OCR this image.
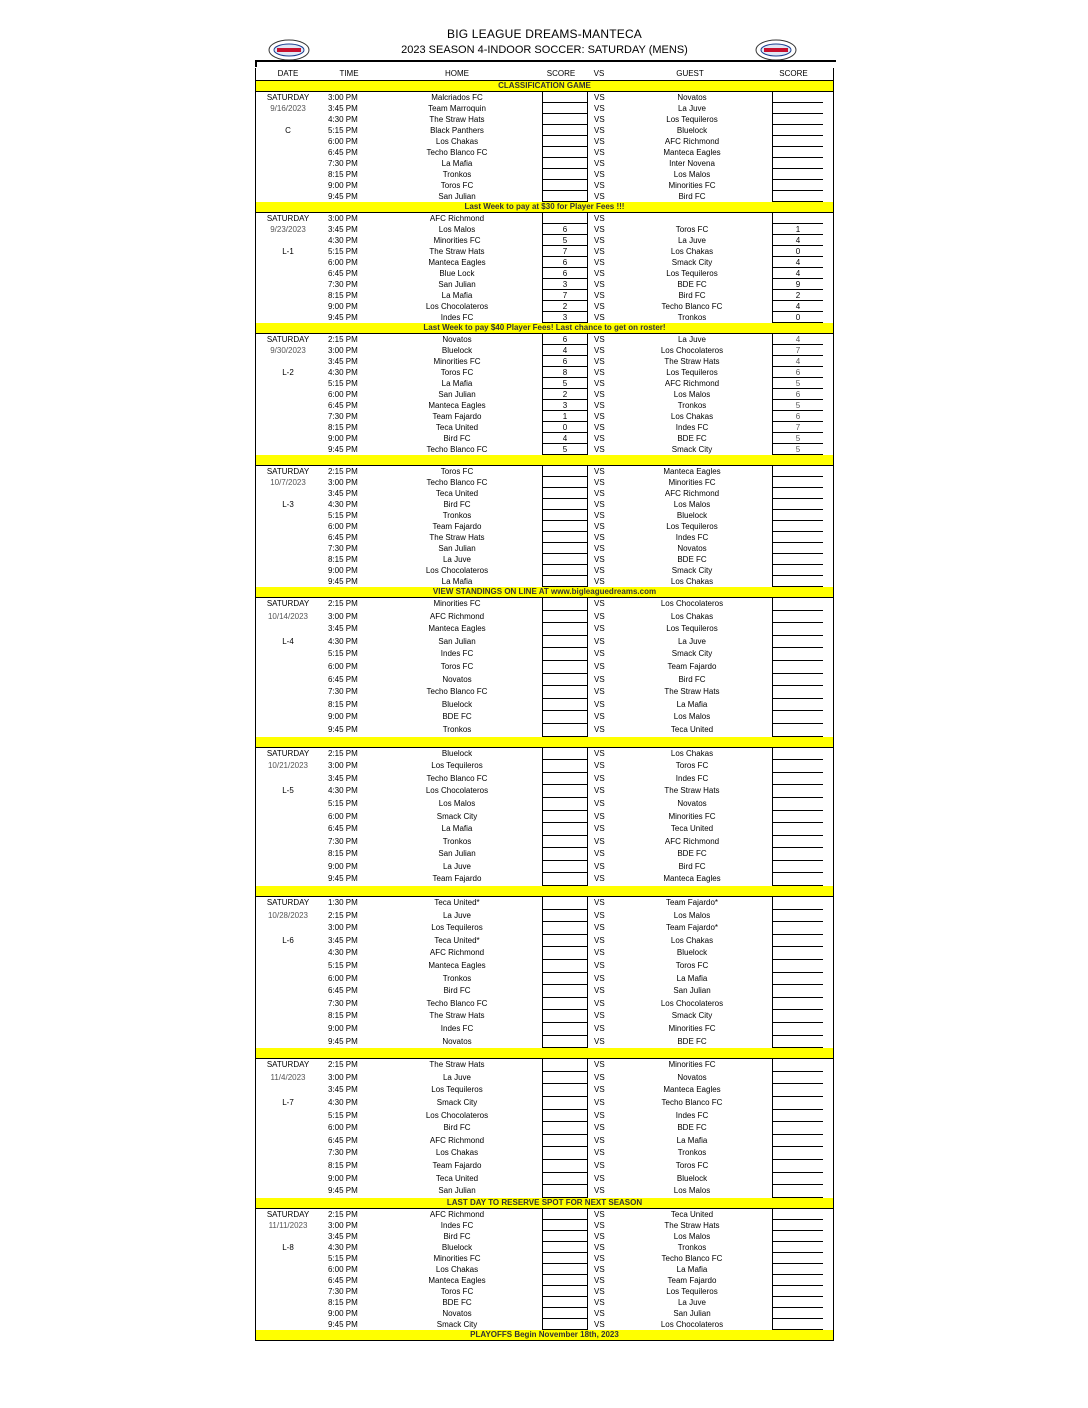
BIG LEAGUE DREAMS-MANTECA
2023 SEASON 4-INDOOR SOCCER: SATURDAY (MENS)
DATE	TIME	HOME	SCORE	VS	GUEST	SCORE
CLASSIFICATION GAME
SATURDAY	3:00 PM	Malcriados FC	VS	Novatos
9/16/2023	3:45 PM	Team Marroquin	VS	La Juve
4:30 PM	The Straw Hats	VS	Los Tequileros
C	5:15 PM	Black Panthers	VS	Bluelock
6:00 PM	Los Chakas	VS	AFC Richmond
6:45 PM	Techo Blanco FC	VS	Manteca Eagles
7:30 PM	La Mafia	VS	Inter Novena
8:15 PM	Tronkos	VS	Los Malos
9:00 PM	Toros FC	VS	Minorities FC
9:45 PM	San Julian	VS	Bird FC
Last Week to pay at $30 for Player Fees !!!
SATURDAY	3:00 PM	AFC Richmond	VS
9/23/2023	3:45 PM	Los Malos	6	VS	Toros FC	1
4:30 PM	Minorities FC	5	VS	La Juve	4
L-1	5:15 PM	The Straw Hats	7	VS	Los Chakas	0
6:00 PM	Manteca Eagles	6	VS	Smack City	4
6:45 PM	Blue Lock	6	VS	Los Tequileros	4
7:30 PM	San Julian	3	VS	BDE FC	9
8:15 PM	La Mafia	7	VS	Bird FC	2
9:00 PM	Los Chocolateros	2	VS	Techo Blanco FC	4
9:45 PM	Indes FC	3	VS	Tronkos	0
Last Week to pay $40 Player Fees! Last chance to get on roster!
SATURDAY	2:15 PM	Novatos	6	VS	La Juve	4
9/30/2023	3:00 PM	Bluelock	4	VS	Los Chocolateros	7
3:45 PM	Minorities FC	6	VS	The Straw Hats	4
L-2	4:30 PM	Toros FC	8	VS	Los Tequileros	6
5:15 PM	La Mafia	5	VS	AFC Richmond	5
6:00 PM	San Julian	2	VS	Los Malos	6
6:45 PM	Manteca Eagles	3	VS	Tronkos	5
7:30 PM	Team Fajardo	1	VS	Los Chakas	6
8:15 PM	Teca United	0	VS	Indes FC	7
9:00 PM	Bird FC	4	VS	BDE FC	5
9:45 PM	Techo Blanco FC	5	VS	Smack City	5
SATURDAY	2:15 PM	Toros FC	VS	Manteca Eagles
10/7/2023	3:00 PM	Techo Blanco FC	VS	Minorities FC
3:45 PM	Teca United	VS	AFC Richmond
L-3	4:30 PM	Bird FC	VS	Los Malos
5:15 PM	Tronkos	VS	Bluelock
6:00 PM	Team Fajardo	VS	Los Tequileros
6:45 PM	The Straw Hats	VS	Indes FC
7:30 PM	San Julian	VS	Novatos
8:15 PM	La Juve	VS	BDE FC
9:00 PM	Los Chocolateros	VS	Smack City
9:45 PM	La Mafia	VS	Los Chakas
VIEW STANDINGS ON LINE AT www.bigleaguedreams.com
SATURDAY	2:15 PM	Minorities FC	VS	Los Chocolateros
10/14/2023	3:00 PM	AFC Richmond	VS	Los Chakas
3:45 PM	Manteca Eagles	VS	Los Tequileros
L-4	4:30 PM	San Julian	VS	La Juve
5:15 PM	Indes FC	VS	Smack City
6:00 PM	Toros FC	VS	Team Fajardo
6:45 PM	Novatos	VS	Bird FC
7:30 PM	Techo Blanco FC	VS	The Straw Hats
8:15 PM	Bluelock	VS	La Mafia
9:00 PM	BDE FC	VS	Los Malos
9:45 PM	Tronkos	VS	Teca United
SATURDAY	2:15 PM	Bluelock	VS	Los Chakas
10/21/2023	3:00 PM	Los Tequileros	VS	Toros FC
3:45 PM	Techo Blanco FC	VS	Indes FC
L-5	4:30 PM	Los Chocolateros	VS	The Straw Hats
5:15 PM	Los Malos	VS	Novatos
6:00 PM	Smack City	VS	Minorities FC
6:45 PM	La Mafia	VS	Teca United
7:30 PM	Tronkos	VS	AFC Richmond
8:15 PM	San Julian	VS	BDE FC
9:00 PM	La Juve	VS	Bird FC
9:45 PM	Team Fajardo	VS	Manteca Eagles
SATURDAY	1:30 PM	Teca United*	VS	Team Fajardo*
10/28/2023	2:15 PM	La Juve	VS	Los Malos
3:00 PM	Los Tequileros	VS	Team Fajardo*
L-6	3:45 PM	Teca United*	VS	Los Chakas
4:30 PM	AFC Richmond	VS	Bluelock
5:15 PM	Manteca Eagles	VS	Toros FC
6:00 PM	Tronkos	VS	La Mafia
6:45 PM	Bird FC	VS	San Julian
7:30 PM	Techo Blanco FC	VS	Los Chocolateros
8:15 PM	The Straw Hats	VS	Smack City
9:00 PM	Indes FC	VS	Minorities FC
9:45 PM	Novatos	VS	BDE FC
SATURDAY	2:15 PM	The Straw Hats	VS	Minorities FC
11/4/2023	3:00 PM	La Juve	VS	Novatos
3:45 PM	Los Tequileros	VS	Manteca Eagles
L-7	4:30 PM	Smack City	VS	Techo Blanco FC
5:15 PM	Los Chocolateros	VS	Indes FC
6:00 PM	Bird FC	VS	BDE FC
6:45 PM	AFC Richmond	VS	La Mafia
7:30 PM	Los Chakas	VS	Tronkos
8:15 PM	Team Fajardo	VS	Toros FC
9:00 PM	Teca United	VS	Bluelock
9:45 PM	San Julian	VS	Los Malos
LAST DAY TO RESERVE SPOT FOR NEXT SEASON
SATURDAY	2:15 PM	AFC Richmond	VS	Teca United
11/11/2023	3:00 PM	Indes FC	VS	The Straw Hats
3:45 PM	Bird FC	VS	Los Malos
L-8	4:30 PM	Bluelock	VS	Tronkos
5:15 PM	Minorities FC	VS	Techo Blanco FC
6:00 PM	Los Chakas	VS	La Mafia
6:45 PM	Manteca Eagles	VS	Team Fajardo
7:30 PM	Toros FC	VS	Los Tequileros
8:15 PM	BDE FC	VS	La Juve
9:00 PM	Novatos	VS	San Julian
9:45 PM	Smack City	VS	Los Chocolateros
PLAYOFFS Begin November 18th, 2023
